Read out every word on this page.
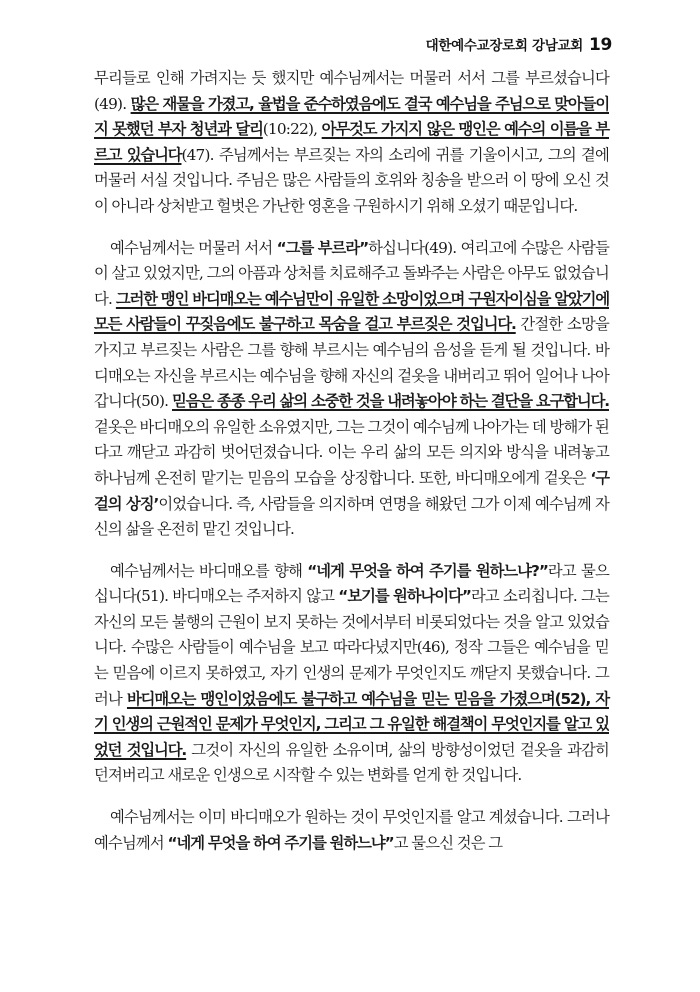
대한예수교장로회 강남교회 19

무리들로 인해 가려지는 듯 했지만 예수님께서는 머물러 서서 그를 부르셨습니다(49). 많은 재물을 가졌고, 율법을 준수하였음에도 결국 예수님을 주님으로 맞아들이지 못했던 부자 청년과 달리(10:22), 아무것도 가지지 않은 맹인은 예수의 이름을 부르고 있습니다(47). 주님께서는 부르짖는 자의 소리에 귀를 기울이시고, 그의 곁에 머물러 서실 것입니다. 주님은 많은 사람들의 호위와 칭송을 받으러 이 땅에 오신 것이 아니라 상처받고 헐벗은 가난한 영혼을 구원하시기 위해 오셨기 때문입니다.

예수님께서는 머물러 서서 “그를 부르라”하십니다(49). 여리고에 수많은 사람들이 살고 있었지만, 그의 아픔과 상처를 치료해주고 돌봐주는 사람은 아무도 없었습니다. 그러한 맹인 바디매오는 예수님만이 유일한 소망이었으며 구원자이심을 알았기에 모든 사람들이 꾸짖음에도 불구하고 목숨을 걸고 부르짖은 것입니다. 간절한 소망을 가지고 부르짖는 사람은 그를 향해 부르시는 예수님의 음성을 듣게 될 것입니다. 바디매오는 자신을 부르시는 예수님을 향해 자신의 겉옷을 내버리고 뛰어 일어나 나아갑니다(50). 믿음은 종종 우리 삶의 소중한 것을 내려놓아야 하는 결단을 요구합니다. 겉옷은 바디매오의 유일한 소유였지만, 그는 그것이 예수님께 나아가는 데 방해가 된다고 깨닫고 과감히 벗어던졌습니다. 이는 우리 삶의 모든 의지와 방식을 내려놓고 하나님께 온전히 맡기는 믿음의 모습을 상징합니다. 또한, 바디매오에게 겉옷은 ‘구걸의 상징’이었습니다. 즉, 사람들을 의지하며 연명을 해왔던 그가 이제 예수님께 자신의 삶을 온전히 맡긴 것입니다.

예수님께서는 바디매오를 향해 “네게 무엇을 하여 주기를 원하느냐?”라고 물으십니다(51). 바디매오는 주저하지 않고 “보기를 원하나이다”라고 소리칩니다. 그는 자신의 모든 불행의 근원이 보지 못하는 것에서부터 비롯되었다는 것을 알고 있었습니다. 수많은 사람들이 예수님을 보고 따라다녔지만(46), 정작 그들은 예수님을 믿는 믿음에 이르지 못하였고, 자기 인생의 문제가 무엇인지도 깨닫지 못했습니다. 그러나 바디매오는 맹인이었음에도 불구하고 예수님을 믿는 믿음을 가졌으며(52), 자기 인생의 근원적인 문제가 무엇인지, 그리고 그 유일한 해결책이 무엇인지를 알고 있었던 것입니다. 그것이 자신의 유일한 소유이며, 삶의 방향성이었던 겉옷을 과감히 던져버리고 새로운 인생으로 시작할 수 있는 변화를 얻게 한 것입니다.

예수님께서는 이미 바디매오가 원하는 것이 무엇인지를 알고 계셨습니다. 그러나 예수님께서 “네게 무엇을 하여 주기를 원하느냐”고 물으신 것은 그
